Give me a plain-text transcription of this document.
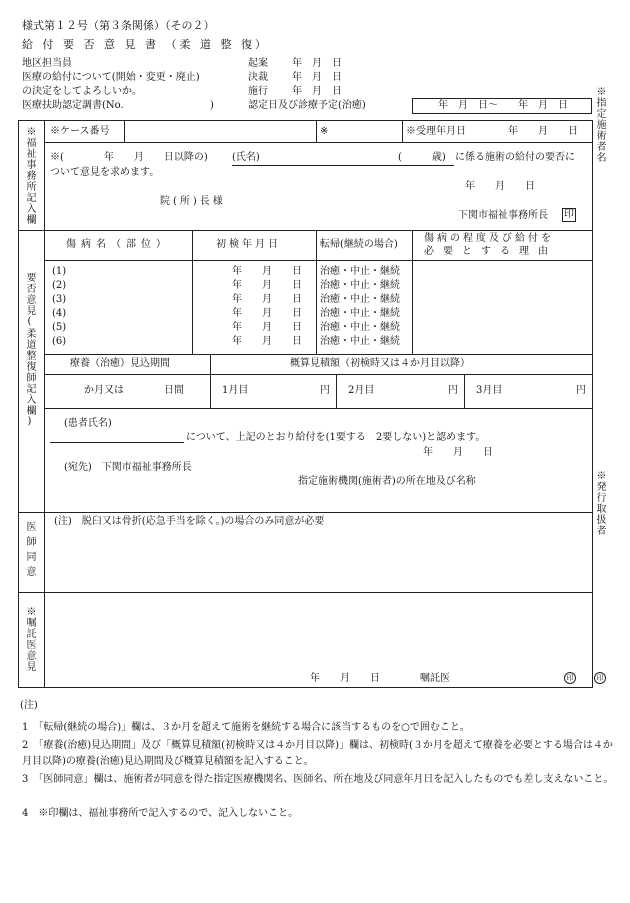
様式第１２号（第３条関係）（その２）
給 付 要 否 意 見 書 （柔 道 整 復）
地区担当員
医療の給付について(開始・変更・廃止)
の決定をしてよろしいか。
医療扶助認定調書(No.	)
起案 年　月　日
決裁 年　月　日
施行 年　月　日
認定日及び診療予定(治癒)	年　月　日〜　　年　月　日	※指定施術者名
※発行取扱者
印
※福祉事務所記入欄 ※ケース番号	※	※受理年月日	年　　月　　日
※(　　　　年　　月　　日以降の) (氏名)	(　　　歳) に係る施術の給付の要否に
ついて意見を求めます。
年　　月　　日
院(所)長様
下関市福祉事務所長 印
要否意見(柔道整復師記入欄)
傷病名（部位）	初検年月日	転帰(継続の場合)
傷病の程度及び給付を
必要とする理由
(1)	年　　月　　日 治癒・中止・継続
(2)	年　　月　　日 治癒・中止・継続
(3)	年　　月　　日 治癒・中止・継続
(4)	年　　月　　日 治癒・中止・継続
(5)	年　　月　　日 治癒・中止・継続
(6)	年　　月　　日 治癒・中止・継続
療養（治癒）見込期間	概算見積額（初検時又は４か月目以降）
か月又は　　　　日間	1月目	円 2月目	円 3月目	円
(患者氏名)
について、上記のとおり給付を(1要する　2要しない)と認めます。
年　　月　　日
(宛先)　下関市福祉事務所長
指定施術機関(施術者)の所在地及び名称
医師同意 (注)　脱臼又は骨折(応急手当を除く。)の場合のみ同意が必要
※嘱託医意見
年　　月　　日	嘱託医	印
(注)
1　「転帰(継続の場合)」欄は、３か月を超えて施術を継続する場合に該当するものを○で囲むこと。
2　「療養(治癒)見込期間」及び「概算見積額(初検時又は４か月目以降)」欄は、初検時(３か月を超えて療養を必要とする場合は４か月目以降)の療養(治癒)見込期間及び概算見積額を記入すること。
3　「医師同意」欄は、施術者が同意を得た指定医療機関名、医師名、所在地及び同意年月日を記入したものでも差し支えないこと。
4　※印欄は、福祉事務所で記入するので、記入しないこと。
